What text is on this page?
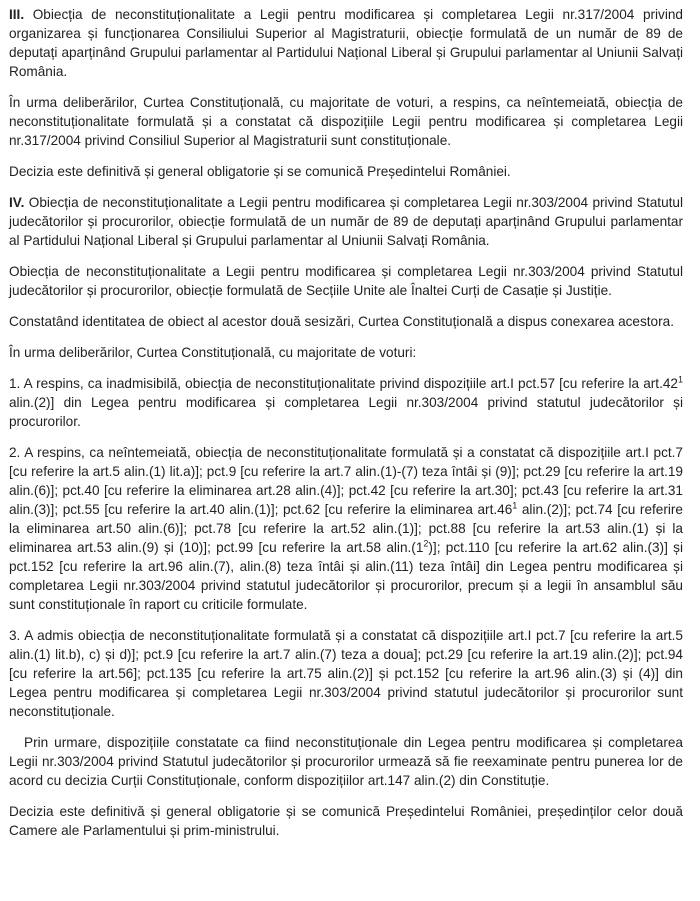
III. Obiecția de neconstituționalitate a Legii pentru modificarea și completarea Legii nr.317/2004 privind organizarea și funcționarea Consiliului Superior al Magistraturii, obiecție formulată de un număr de 89 de deputați aparținând Grupului parlamentar al Partidului Național Liberal și Grupului parlamentar al Uniunii Salvați România.

În urma deliberărilor, Curtea Constituțională, cu majoritate de voturi, a respins, ca neîntemeiată, obiecția de neconstituționalitate formulată și a constatat că dispozițiile Legii pentru modificarea și completarea Legii nr.317/2004 privind Consiliul Superior al Magistraturii sunt constituționale.

Decizia este definitivă și general obligatorie și se comunică Președintelui României.

IV. Obiecția de neconstituționalitate a Legii pentru modificarea și completarea Legii nr.303/2004 privind Statutul judecătorilor și procurorilor, obiecție formulată de un număr de 89 de deputați aparținând Grupului parlamentar al Partidului Național Liberal și Grupului parlamentar al Uniunii Salvați România.

Obiecția de neconstituționalitate a Legii pentru modificarea și completarea Legii nr.303/2004 privind Statutul judecătorilor și procurorilor, obiecție formulată de Secțiile Unite ale Înaltei Curți de Casație și Justiție.

Constatând identitatea de obiect al acestor două sesizări, Curtea Constituțională a dispus conexarea acestora.

În urma deliberărilor, Curtea Constituțională, cu majoritate de voturi:

1. A respins, ca inadmisibilă, obiecția de neconstituționalitate privind dispozițiile art.I pct.57 [cu referire la $art.42^1$ alin.(2)] din Legea pentru modificarea și completarea Legii nr.303/2004 privind statutul judecătorilor și procurorilor.

2. A respins, ca neîntemeiată, obiecția de neconstituționalitate formulată și a constatat că dispozițiile art.I pct.7 [cu referire la art.5 alin.(1) lit.a)]; pct.9 [cu referire la art.7 alin.(1)-(7) teza întâi și (9)]; pct.29 [cu referire la art.19 alin.(6)]; pct.40 [cu referire la eliminarea art.28 alin.(4)]; pct.42 [cu referire la art.30]; pct.43 [cu referire la art.31 alin.(3)]; pct.55 [cu referire la art.40 alin.(1)]; pct.62 [cu referire la eliminarea $art.46^1$ alin.(2)]; pct.74 [cu referire la eliminarea art.50 alin.(6)]; pct.78 [cu referire la art.52 alin.(1)]; pct.88 [cu referire la art.53 alin.(1) și la eliminarea art.53 alin.(9) și (10)]; pct.99 [cu referire la art.58 $alin.(1^2)$]; pct.110 [cu referire la art.62 alin.(3)] și pct.152 [cu referire la art.96 alin.(7), alin.(8) teza întâi și alin.(11) teza întâi] din Legea pentru modificarea și completarea Legii nr.303/2004 privind statutul judecătorilor și procurorilor, precum și a legii în ansamblul său sunt constituționale în raport cu criticile formulate.

3. A admis obiecția de neconstituționalitate formulată și a constatat că dispozițiile art.I pct.7 [cu referire la art.5 alin.(1) lit.b), c) și d)]; pct.9 [cu referire la art.7 alin.(7) teza a doua]; pct.29 [cu referire la art.19 alin.(2)]; pct.94 [cu referire la art.56]; pct.135 [cu referire la art.75 alin.(2)] și pct.152 [cu referire la art.96 alin.(3) și (4)] din Legea pentru modificarea și completarea Legii nr.303/2004 privind statutul judecătorilor și procurorilor sunt neconstituționale.

Prin urmare, dispozițiile constatate ca fiind neconstituționale din Legea pentru modificarea și completarea Legii nr.303/2004 privind Statutul judecătorilor și procurorilor urmează să fie reexaminate pentru punerea lor de acord cu decizia Curții Constituționale, conform dispozițiilor art.147 alin.(2) din Constituție.

Decizia este definitivă și general obligatorie și se comunică Președintelui României, președinților celor două Camere ale Parlamentului și prim-ministrului.
